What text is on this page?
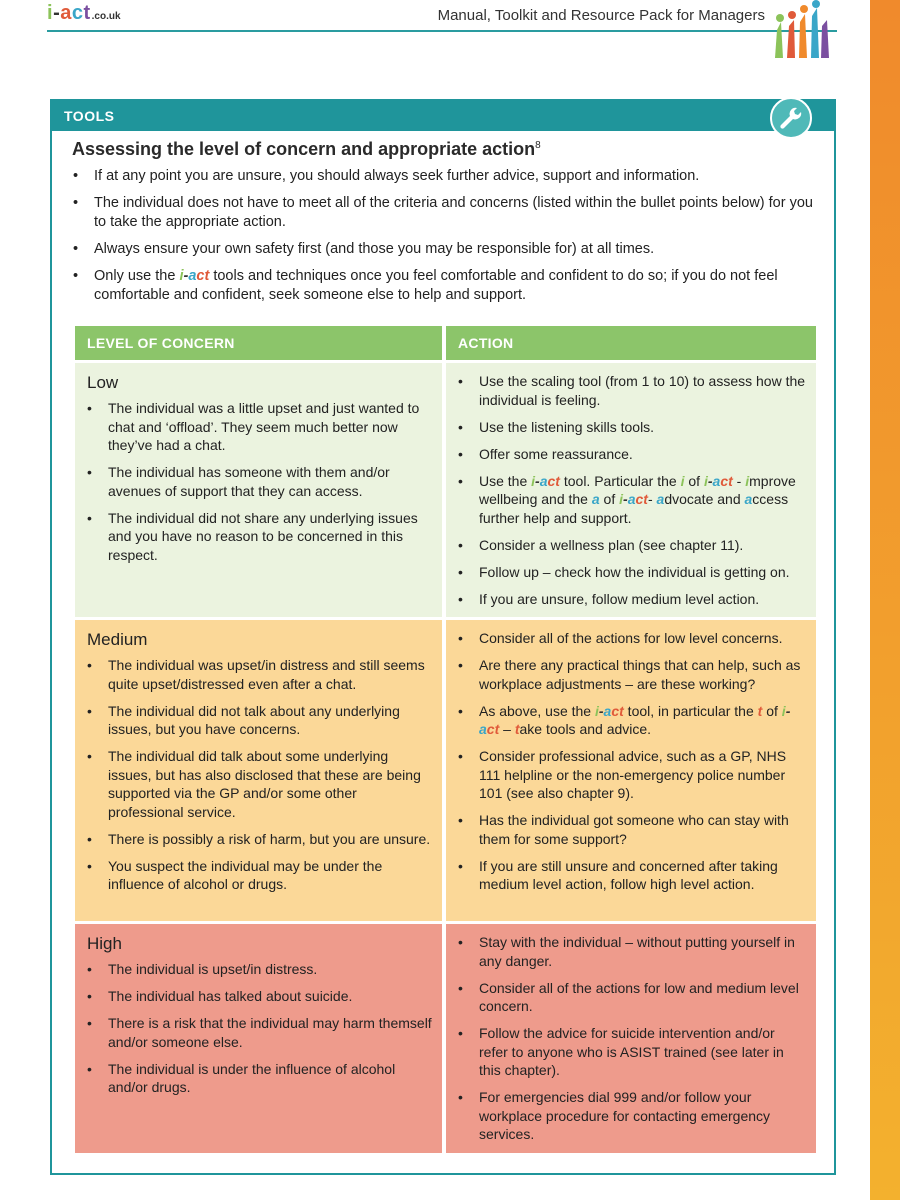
i-act.co.uk	Manual, Toolkit and Resource Pack for Managers
TOOLS
Assessing the level of concern and appropriate action$^8$
• If at any point you are unsure, you should always seek further advice, support and information.
• The individual does not have to meet all of the criteria and concerns (listed within the bullet points below) for you to take the appropriate action.
• Always ensure your own safety first (and those you may be responsible for) at all times.
• Only use the i-act tools and techniques once you feel comfortable and confident to do so; if you do not feel comfortable and confident, seek someone else to help and support.
LEVEL OF CONCERN	ACTION
Low
• The individual was a little upset and just wanted to chat and ‘offload’. They seem much better now they’ve had a chat.
• The individual has someone with them and/or avenues of support that they can access.
• The individual did not share any underlying issues and you have no reason to be concerned in this respect.
• Use the scaling tool (from 1 to 10) to assess how the individual is feeling.
• Use the listening skills tools.
• Offer some reassurance.
• Use the i-act tool. Particular the i of i-act - improve wellbeing and the a of i-act- advocate and access further help and support.
• Consider a wellness plan (see chapter 11).
• Follow up – check how the individual is getting on.
• If you are unsure, follow medium level action.
Medium
• The individual was upset/in distress and still seems quite upset/distressed even after a chat.
• The individual did not talk about any underlying issues, but you have concerns.
• The individual did talk about some underlying issues, but has also disclosed that these are being supported via the GP and/or some other professional service.
• There is possibly a risk of harm, but you are unsure.
• You suspect the individual may be under the influence of alcohol or drugs.
• Consider all of the actions for low level concerns.
• Are there any practical things that can help, such as workplace adjustments – are these working?
• As above, use the i-act tool, in particular the t of i-act – take tools and advice.
• Consider professional advice, such as a GP, NHS 111 helpline or the non-emergency police number 101 (see also chapter 9).
• Has the individual got someone who can stay with them for some support?
• If you are still unsure and concerned after taking medium level action, follow high level action.
High
• The individual is upset/in distress.
• The individual has talked about suicide.
• There is a risk that the individual may harm themself and/or someone else.
• The individual is under the influence of alcohol and/or drugs.
• Stay with the individual – without putting yourself in any danger.
• Consider all of the actions for low and medium level concern.
• Follow the advice for suicide intervention and/or refer to anyone who is ASIST trained (see later in this chapter).
• For emergencies dial 999 and/or follow your workplace procedure for contacting emergency services.
